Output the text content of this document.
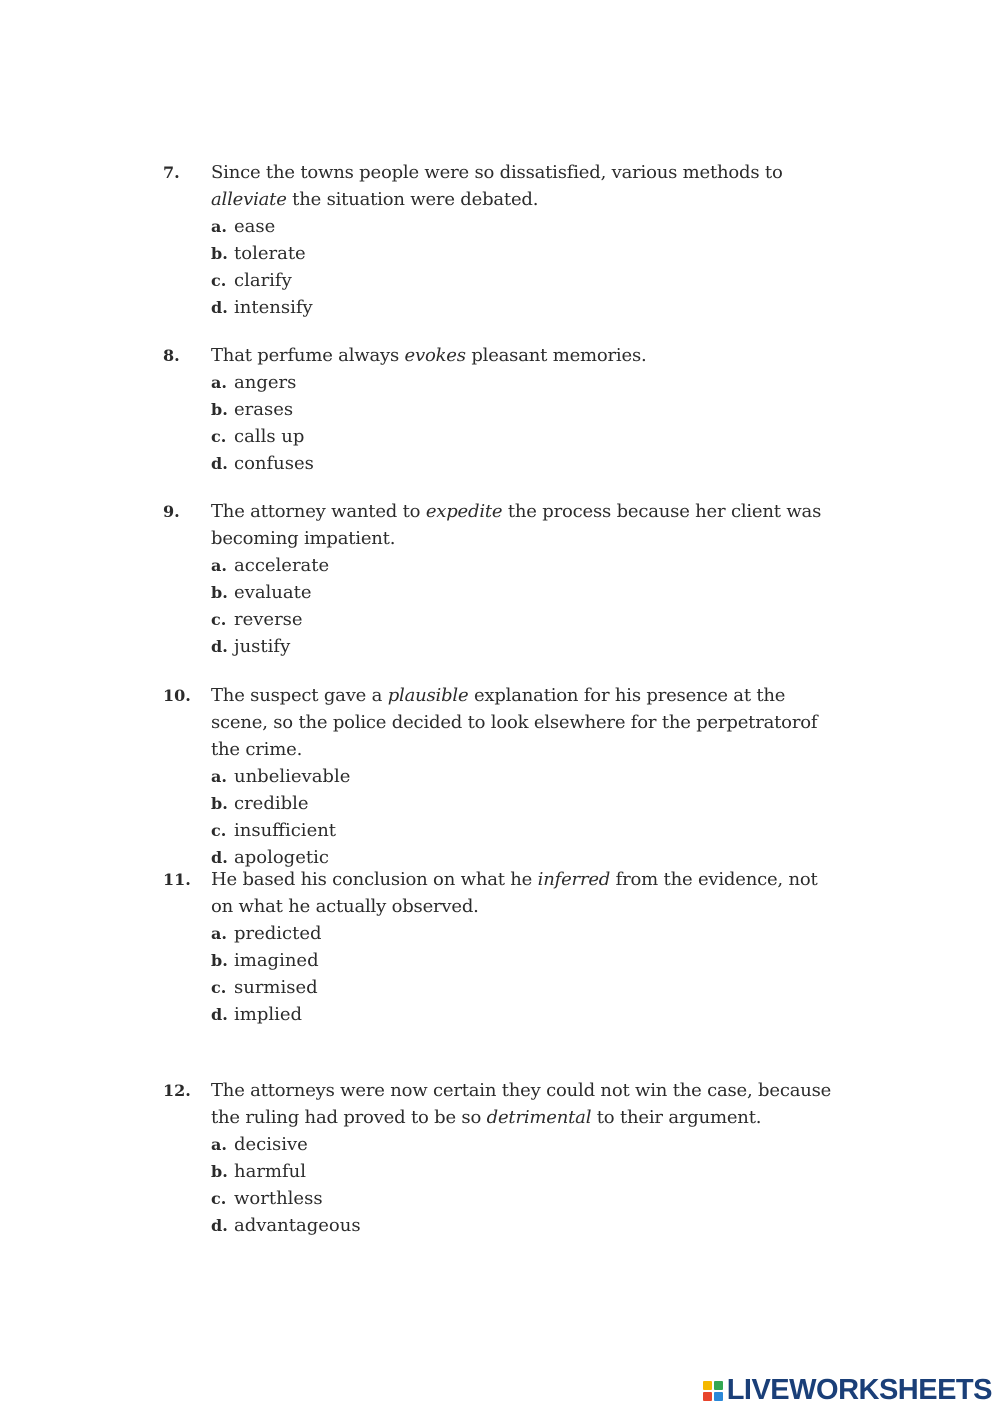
7. Since the towns people were so dissatisfied, various methods to alleviate the situation were debated.
a. ease
b. tolerate
c. clarify
d. intensify
8. That perfume always evokes pleasant memories.
a. angers
b. erases
c. calls up
d. confuses
9. The attorney wanted to expedite the process because her client was becoming impatient.
a. accelerate
b. evaluate
c. reverse
d. justify
10. The suspect gave a plausible explanation for his presence at the scene, so the police decided to look elsewhere for the perpetratorof the crime.
a. unbelievable
b. credible
c. insufficient
d. apologetic
11. He based his conclusion on what he inferred from the evidence, not on what he actually observed.
a. predicted
b. imagined
c. surmised
d. implied
12. The attorneys were now certain they could not win the case, because the ruling had proved to be so detrimental to their argument.
a. decisive
b. harmful
c. worthless
d. advantageous
LIVEWORKSHEETS
